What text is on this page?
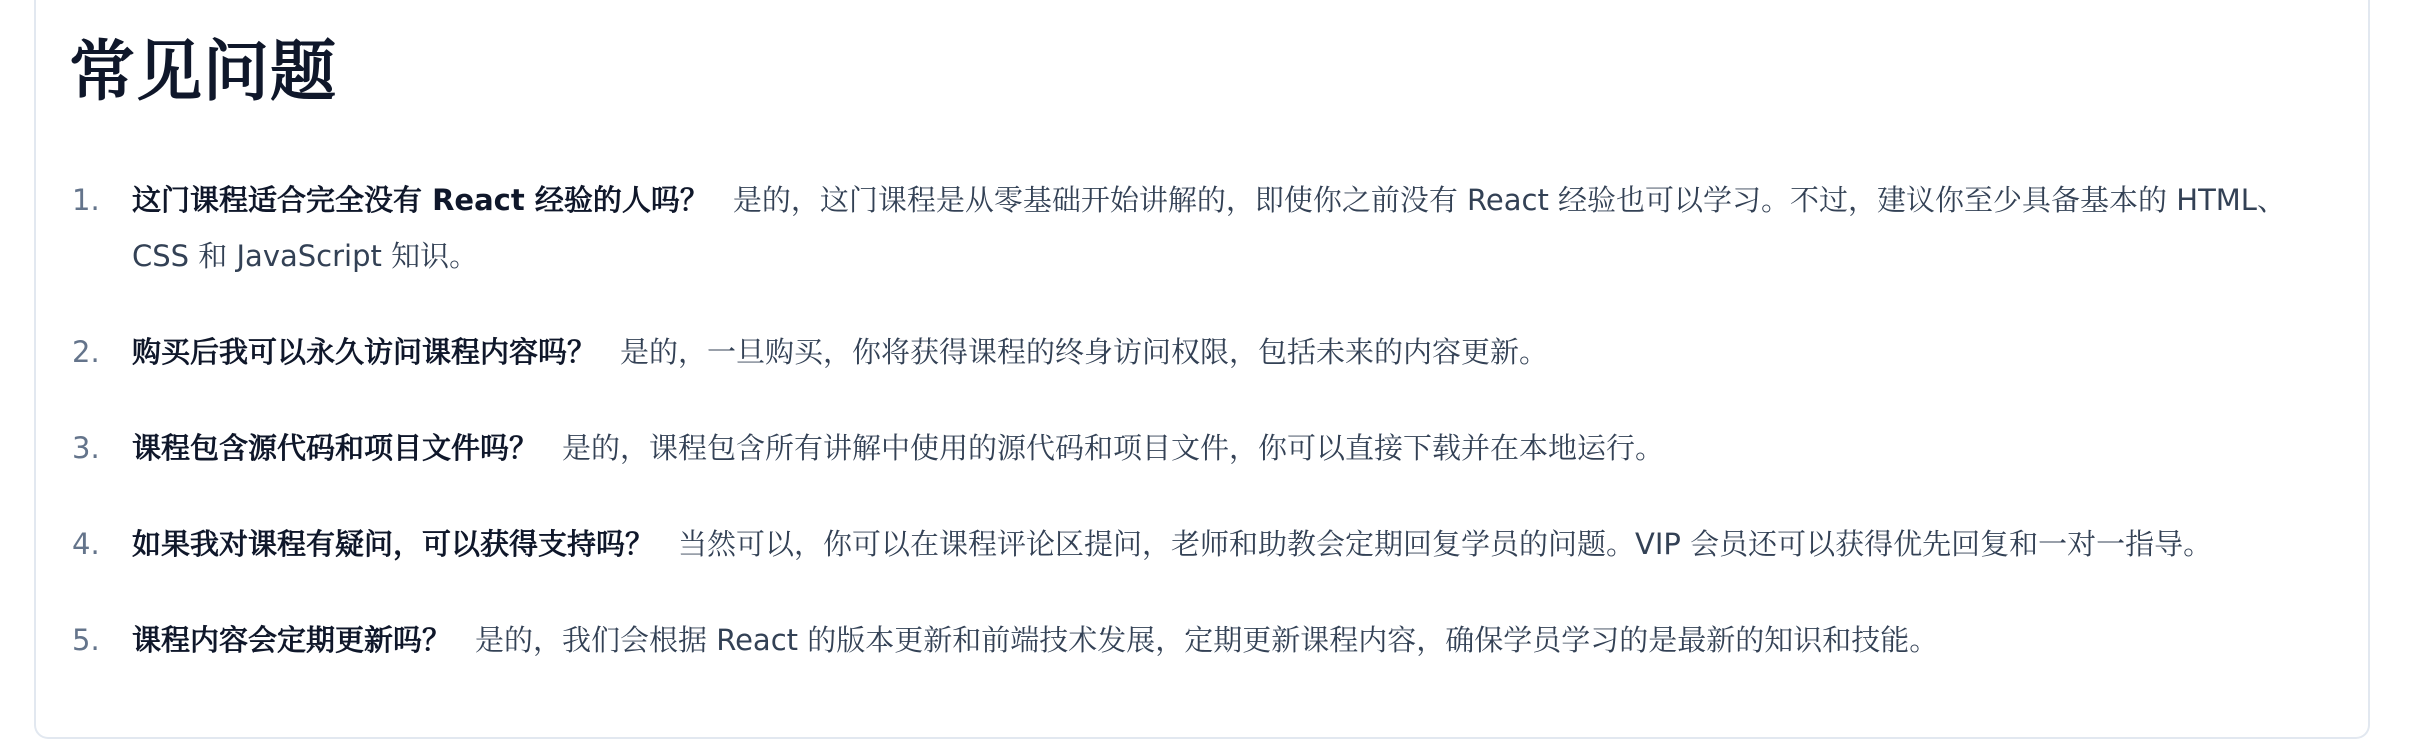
常见问题
1.	这门课程适合完全没有 React 经验的人吗？ 是的，这门课程是从零基础开始讲解的，即使你之前没有 React 经验也可以学习。不过，建议你至少具备基本的 HTML、CSS 和 JavaScript 知识。
2.	购买后我可以永久访问课程内容吗？ 是的，一旦购买，你将获得课程的终身访问权限，包括未来的内容更新。
3.	课程包含源代码和项目文件吗？ 是的，课程包含所有讲解中使用的源代码和项目文件，你可以直接下载并在本地运行。
4.	如果我对课程有疑问，可以获得支持吗？ 当然可以，你可以在课程评论区提问，老师和助教会定期回复学员的问题。VIP 会员还可以获得优先回复和一对一指导。
5.	课程内容会定期更新吗？ 是的，我们会根据 React 的版本更新和前端技术发展，定期更新课程内容，确保学员学习的是最新的知识和技能。
